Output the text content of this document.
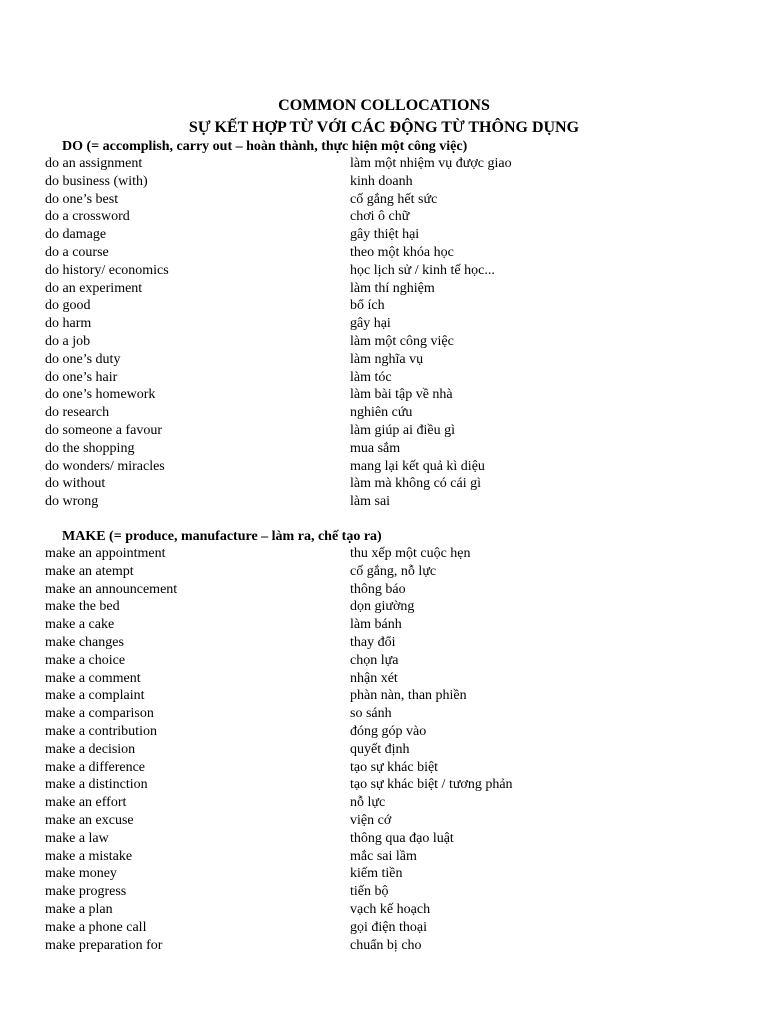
COMMON COLLOCATIONS
SỰ KẾT HỢP TỪ VỚI CÁC ĐỘNG TỪ THÔNG DỤNG
DO (= accomplish, carry out – hoàn thành, thực hiện một công việc)
do an assignment	làm một nhiệm vụ được giao
do business (with)	kinh doanh
do one’s best	cố gắng hết sức
do a crossword	chơi ô chữ
do damage	gây thiệt hại
do a course	theo một khóa học
do history/ economics	học lịch sử / kinh tế học...
do an experiment	làm thí nghiệm
do good	bổ ích
do harm	gây hại
do a job	làm một công việc
do one’s duty	làm nghĩa vụ
do one’s hair	làm tóc
do one’s homework	làm bài tập về nhà
do research	nghiên cứu
do someone a favour	làm giúp ai điều gì
do the shopping	mua sắm
do wonders/ miracles	mang lại kết quả kì diệu
do without	làm mà không có cái gì
do wrong	làm sai
MAKE (= produce, manufacture – làm ra, chế tạo ra)
make an appointment	thu xếp một cuộc hẹn
make an atempt	cố gắng, nỗ lực
make an announcement	thông báo
make the bed	dọn giường
make a cake	làm bánh
make changes	thay đổi
make a choice	chọn lựa
make a comment	nhận xét
make a complaint	phàn nàn, than phiền
make a comparison	so sánh
make a contribution	đóng góp vào
make a decision	quyết định
make a difference	tạo sự khác biệt
make a distinction	tạo sự khác biệt / tương phản
make an effort	nỗ lực
make an excuse	viện cớ
make a law	thông qua đạo luật
make a mistake	mắc sai lầm
make money	kiếm tiền
make progress	tiến bộ
make a plan	vạch kế hoạch
make a phone call	gọi điện thoại
make preparation for	chuẩn bị cho
